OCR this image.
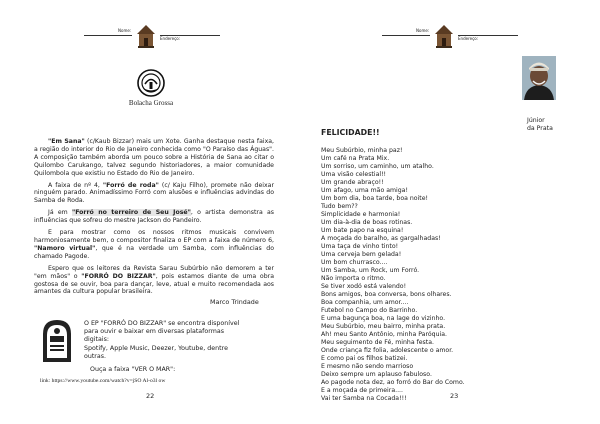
Nome:
Endereço:
Bolacha Grossa

"Em Sana" (c/Kaub Bizzar) mais um Xote. Ganha destaque nesta faixa, a região do interior do Rio de Janeiro conhecida como "O Paraíso das Águas". A composição também aborda um pouco sobre a História de Sana ao citar o Quilombo Carukango, talvez segundo historiadores, a maior comunidade Quilombola que existiu no Estado do Rio de Janeiro.

A faixa de nº 4, "Forró de roda" (c/ Kaju Filho), promete não deixar ninguém parado. Animadíssimo Forró com alusões e influências advindas do Samba de Roda.

Já em "Forró no terreiro de Seu José", o artista demonstra as influências que sofreu do mestre Jackson do Pandeiro.

E para mostrar como os nossos ritmos musicais convivem harmoniosamente bem, o compositor finaliza o EP com a faixa de número 6, "Namoro virtual", que é na verdade um Samba, com influências do chamado Pagode.

Espero que os leitores da Revista Sarau Subúrbio não demorem a ter "em mãos" o "FORRÓ DO BIZZAR", pois estamos diante de uma obra gostosa de se ouvir, boa para dançar, leve, atual e muito recomendada aos amantes da cultura popular brasileira.

Marco Trindade
O EP "FORRÓ DO BIZZAR" se encontra disponível
para ouvir e baixar em diversas plataformas digitais:
Spotify, Apple Music, Deezer, Youtube, dentre
outras.
Ouça a faixa "VER O MAR":
link: https://www.youtube.com/watch?v=jSO Al-o3l ow
22
Nome:
Endereço:
Júnior
da Prata
FELICIDADE!!
Meu Subúrbio, minha paz!
Um café na Prata Mix.
Um sorriso, um caminho, um atalho.
Uma visão celestial!!
Um grande abraço!!
Um afago, uma mão amiga!
Um bom dia, boa tarde, boa noite!
Tudo bem??
Simplicidade e harmonia!
Um dia-à-dia de boas rotinas.
Um bate papo na esquina!
A moçada do baralho, as gargalhadas!
Uma taça de vinho tinto!
Uma cerveja bem gelada!
Um bom churrasco....
Um Samba, um Rock, um Forró.
Não importa o ritmo.
Se tiver xodó está valendo!
Bons amigos, boa conversa, bons olhares.
Boa companhia, um amor....
Futebol no Campo do Barrinho.
E uma bagunça boa, na lage do vizinho.
Meu Subúrbio, meu bairro, minha prata.
Ah! meu Santo Antônio, minha Paróquia.
Meu seguimento de Fé, minha festa.
Onde criança fiz folia, adolescente o amor.
E como pai os filhos batizei.
E mesmo não sendo marrioso
Deixo sempre um aplauso fabuloso.
Ao pagode nota dez, ao forró do Bar do Como.
E a moçada de primeira....
Vai ter Samba na Cocada!!!	23
